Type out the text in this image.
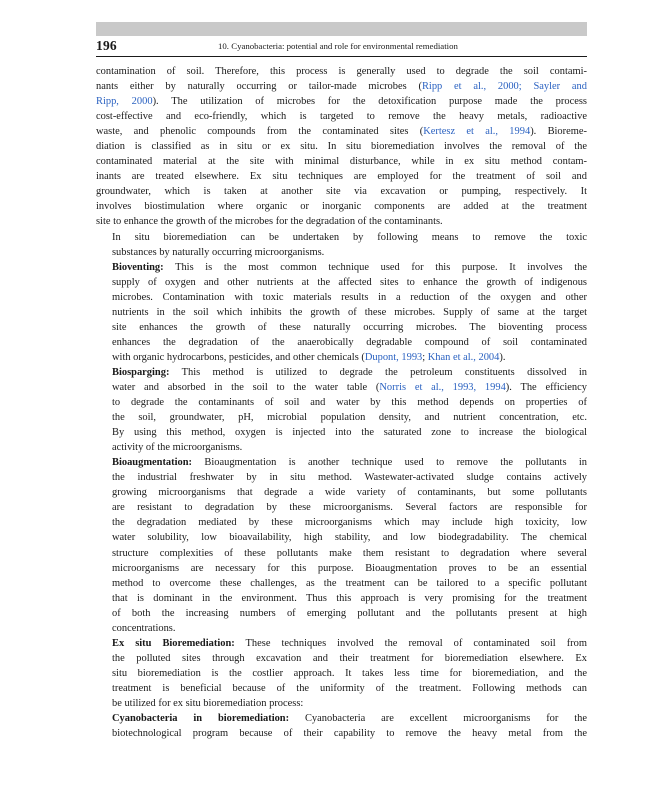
196	10. Cyanobacteria: potential and role for environmental remediation

contamination of soil. Therefore, this process is generally used to degrade the soil contami-
nants either by naturally occurring or tailor-made microbes (Ripp et al., 2000; Sayler and
Ripp, 2000). The utilization of microbes for the detoxification purpose made the process
cost-effective and eco-friendly, which is targeted to remove the heavy metals, radioactive
waste, and phenolic compounds from the contaminated sites (Kertesz et al., 1994). Bioreme-
diation is classified as in situ or ex situ. In situ bioremediation involves the removal of the
contaminated material at the site with minimal disturbance, while in ex situ method contam-
inants are treated elsewhere. Ex situ techniques are employed for the treatment of soil and
groundwater, which is taken at another site via excavation or pumping, respectively. It
involves biostimulation where organic or inorganic components are added at the treatment
site to enhance the growth of the microbes for the degradation of the contaminants.

In situ bioremediation can be undertaken by following means to remove the toxic
substances by naturally occurring microorganisms.

Bioventing: This is the most common technique used for this purpose. It involves the
supply of oxygen and other nutrients at the affected sites to enhance the growth of indigenous
microbes. Contamination with toxic materials results in a reduction of the oxygen and other
nutrients in the soil which inhibits the growth of these microbes. Supply of same at the target
site enhances the growth of these naturally occurring microbes. The bioventing process
enhances the degradation of the anaerobically degradable compound of soil contaminated
with organic hydrocarbons, pesticides, and other chemicals (Dupont, 1993; Khan et al., 2004).

Biosparging: This method is utilized to degrade the petroleum constituents dissolved in
water and absorbed in the soil to the water table (Norris et al., 1993, 1994). The efficiency
to degrade the contaminants of soil and water by this method depends on properties of
the soil, groundwater, pH, microbial population density, and nutrient concentration, etc.
By using this method, oxygen is injected into the saturated zone to increase the biological
activity of the microorganisms.

Bioaugmentation: Bioaugmentation is another technique used to remove the pollutants in
the industrial freshwater by in situ method. Wastewater-activated sludge contains actively
growing microorganisms that degrade a wide variety of contaminants, but some pollutants
are resistant to degradation by these microorganisms. Several factors are responsible for
the degradation mediated by these microorganisms which may include high toxicity, low
water solubility, low bioavailability, high stability, and low biodegradability. The chemical
structure complexities of these pollutants make them resistant to degradation where several
microorganisms are necessary for this purpose. Bioaugmentation proves to be an essential
method to overcome these challenges, as the treatment can be tailored to a specific pollutant
that is dominant in the environment. Thus this approach is very promising for the treatment
of both the increasing numbers of emerging pollutant and the pollutants present at high
concentrations.

Ex situ Bioremediation: These techniques involved the removal of contaminated soil from
the polluted sites through excavation and their treatment for bioremediation elsewhere. Ex
situ bioremediation is the costlier approach. It takes less time for bioremediation, and the
treatment is beneficial because of the uniformity of the treatment. Following methods can
be utilized for ex situ bioremediation process:

Cyanobacteria in bioremediation: Cyanobacteria are excellent microorganisms for the
biotechnological program because of their capability to remove the heavy metal from the
